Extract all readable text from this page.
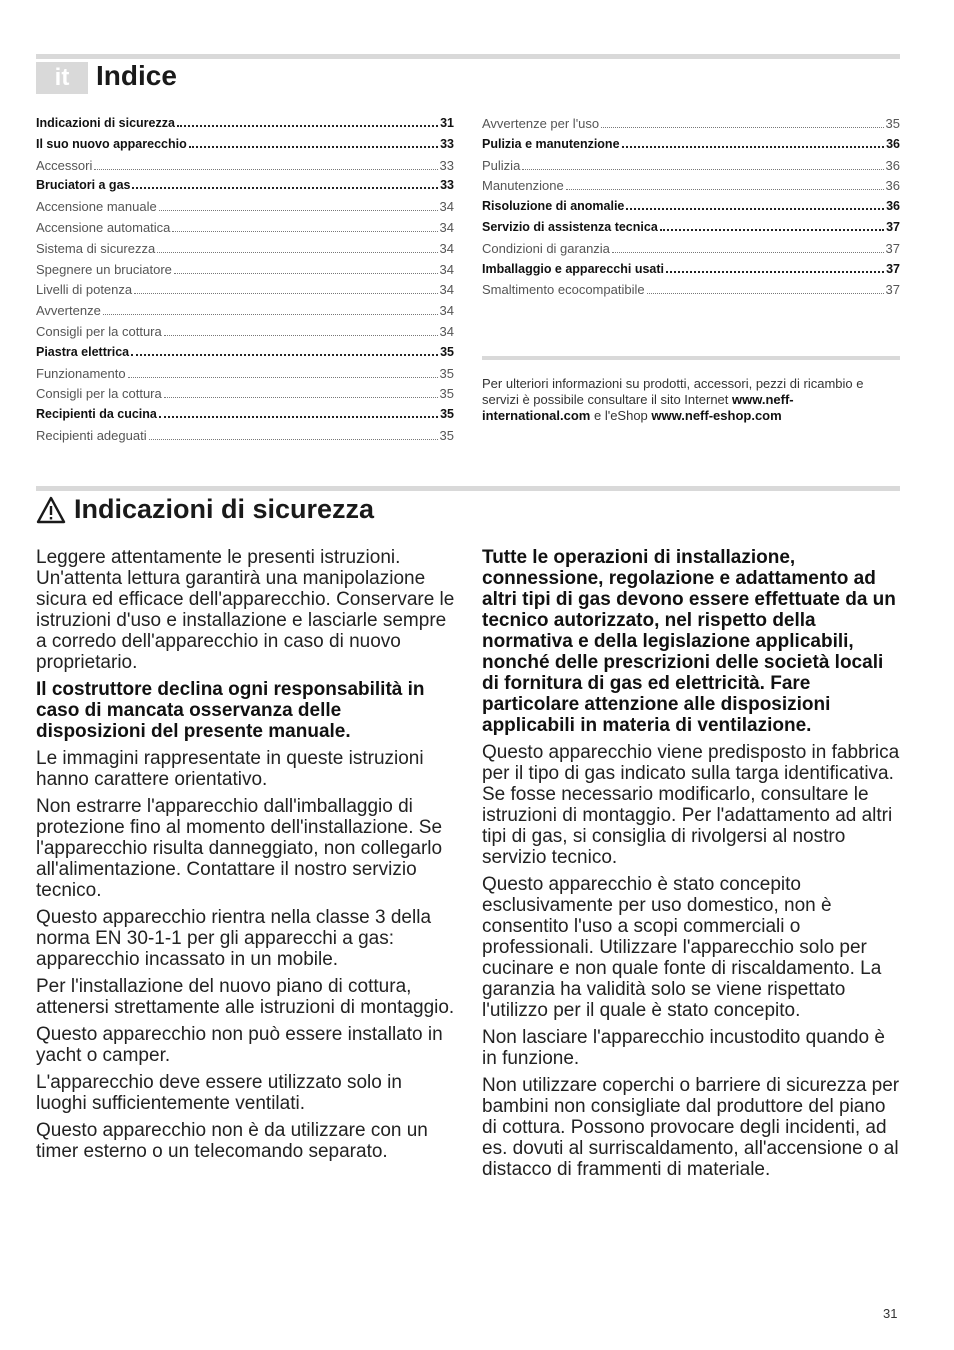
it Indice
Indicazioni di sicurezza	31
Il suo nuovo apparecchio	33
Accessori	33
Bruciatori a gas	33
Accensione manuale	34
Accensione automatica	34
Sistema di sicurezza	34
Spegnere un bruciatore	34
Livelli di potenza	34
Avvertenze	34
Consigli per la cottura	34
Piastra elettrica	35
Funzionamento	35
Consigli per la cottura	35
Recipienti da cucina	35
Recipienti adeguati	35
Avvertenze per l'uso	35
Pulizia e manutenzione	36
Pulizia	36
Manutenzione	36
Risoluzione di anomalie	36
Servizio di assistenza tecnica	37
Condizioni di garanzia	37
Imballaggio e apparecchi usati	37
Smaltimento ecocompatibile	37

Per ulteriori informazioni su prodotti, accessori, pezzi di ricambio e servizi è possibile consultare il sito Internet www.neff-international.com e l'eShop www.neff-eshop.com

Indicazioni di sicurezza

Leggere attentamente le presenti istruzioni. Un'attenta lettura garantirà una manipolazione sicura ed efficace dell'apparecchio. Conservare le istruzioni d'uso e installazione e lasciarle sempre a corredo dell'apparecchio in caso di nuovo proprietario.

Il costruttore declina ogni responsabilità in caso di mancata osservanza delle disposizioni del presente manuale.

Le immagini rappresentate in queste istruzioni hanno carattere orientativo.

Non estrarre l'apparecchio dall'imballaggio di protezione fino al momento dell'installazione. Se l'apparecchio risulta danneggiato, non collegarlo all'alimentazione. Contattare il nostro servizio tecnico.

Questo apparecchio rientra nella classe 3 della norma EN 30-1-1 per gli apparecchi a gas: apparecchio incassato in un mobile.

Per l'installazione del nuovo piano di cottura, attenersi strettamente alle istruzioni di montaggio.

Questo apparecchio non può essere installato in yacht o camper.

L'apparecchio deve essere utilizzato solo in luoghi sufficientemente ventilati.

Questo apparecchio non è da utilizzare con un timer esterno o un telecomando separato.

Tutte le operazioni di installazione, connessione, regolazione e adattamento ad altri tipi di gas devono essere effettuate da un tecnico autorizzato, nel rispetto della normativa e della legislazione applicabili, nonché delle prescrizioni delle società locali di fornitura di gas ed elettricità. Fare particolare attenzione alle disposizioni applicabili in materia di ventilazione.

Questo apparecchio viene predisposto in fabbrica per il tipo di gas indicato sulla targa identificativa. Se fosse necessario modificarlo, consultare le istruzioni di montaggio. Per l'adattamento ad altri tipi di gas, si consiglia di rivolgersi al nostro servizio tecnico.

Questo apparecchio è stato concepito esclusivamente per uso domestico, non è consentito l'uso a scopi commerciali o professionali. Utilizzare l'apparecchio solo per cucinare e non quale fonte di riscaldamento. La garanzia ha validità solo se viene rispettato l'utilizzo per il quale è stato concepito.

Non lasciare l'apparecchio incustodito quando è in funzione.

Non utilizzare coperchi o barriere di sicurezza per bambini non consigliate dal produttore del piano di cottura. Possono provocare degli incidenti, ad es. dovuti al surriscaldamento, all'accensione o al distacco di frammenti di materiale.

31
